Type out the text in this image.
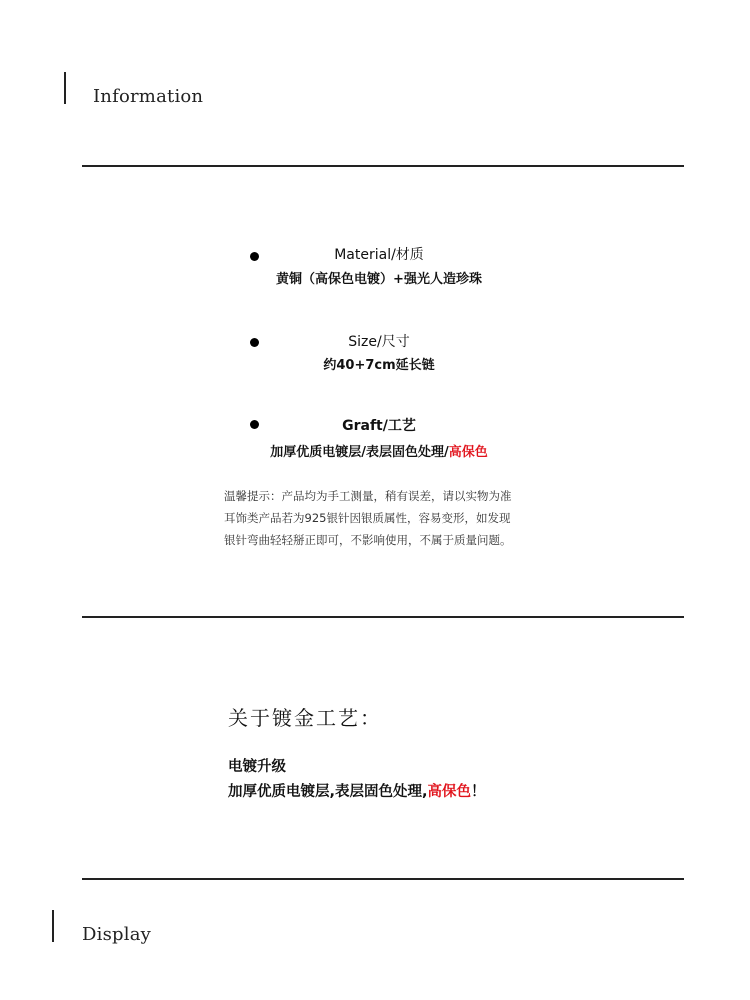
Information
Material/材质
黄铜（高保色电镀）+强光人造珍珠
Size/尺寸
约40+7cm延长链
Graft/工艺
加厚优质电镀层/表层固色处理/高保色
温馨提示：产品均为手工测量，稍有误差，请以实物为准
耳饰类产品若为925银针因银质属性，容易变形，如发现
银针弯曲轻轻掰正即可，不影响使用，不属于质量问题。
关于镀金工艺：
电镀升级
加厚优质电镀层,表层固色处理,高保色！
Display
